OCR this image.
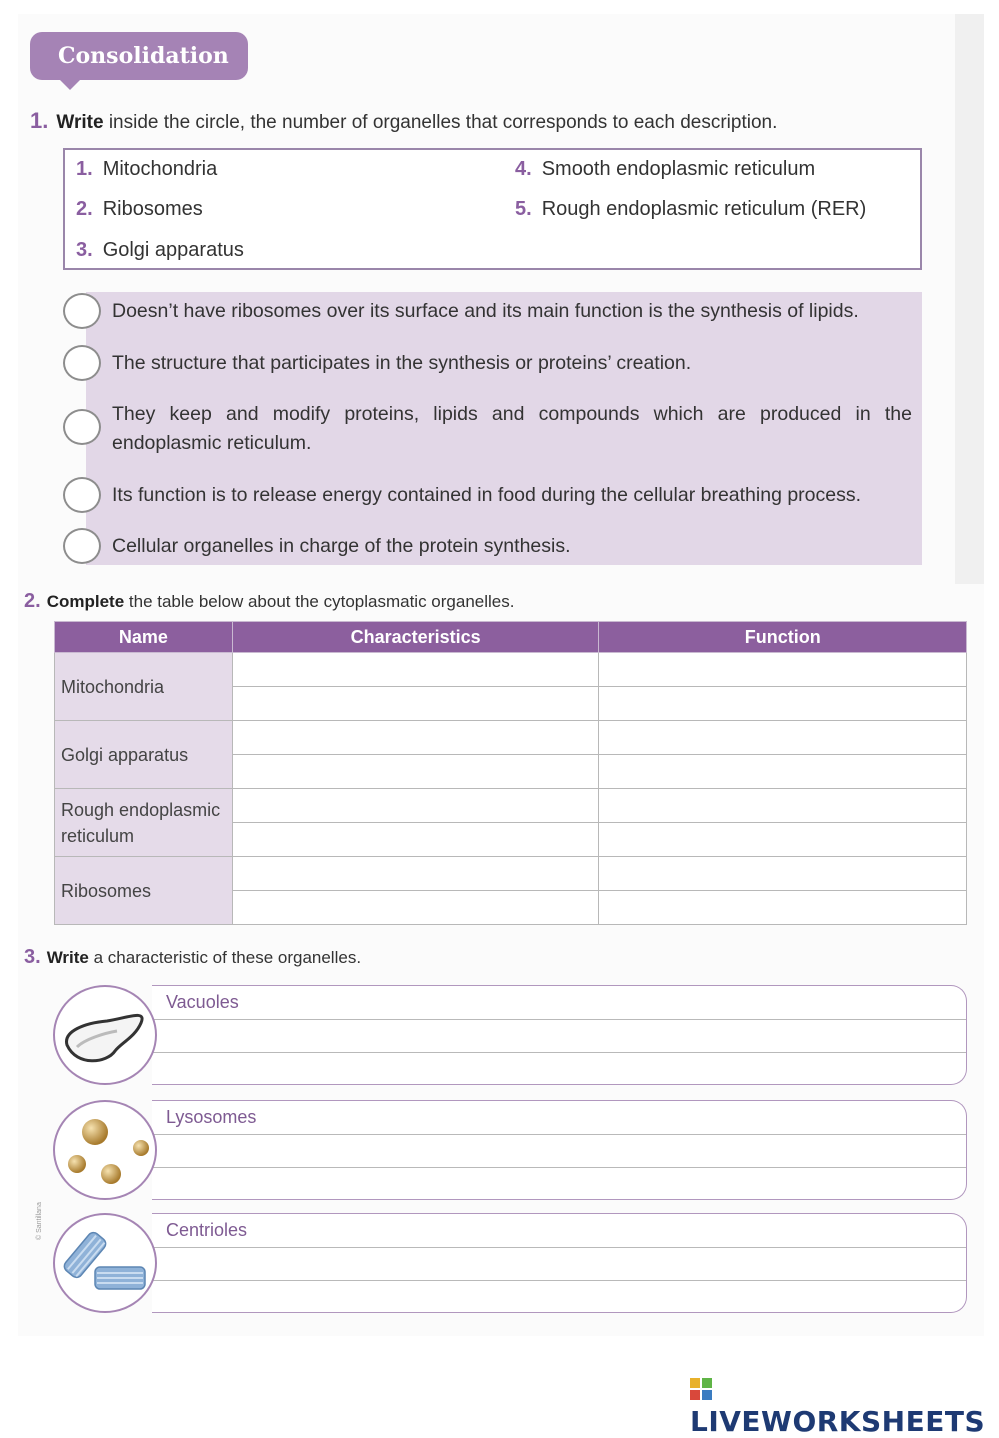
Consolidation
1. Write inside the circle, the number of organelles that corresponds to each description.
1. Mitochondria
2. Ribosomes
3. Golgi apparatus
4. Smooth endoplasmic reticulum
5. Rough endoplasmic reticulum (RER)
Doesn’t have ribosomes over its surface and its main function is the synthesis of lipids.
The structure that participates in the synthesis or proteins’ creation.
They keep and modify proteins, lipids and compounds which are produced in the endoplasmic reticulum.
Its function is to release energy contained in food during the cellular breathing process.
Cellular organelles in charge of the protein synthesis.
2. Complete the table below about the cytoplasmatic organelles.
Name	Characteristics	Function
Mitochondria		

Golgi apparatus		

Rough endoplasmic reticulum		

Ribosomes		

3. Write a characteristic of these organelles.
Vacuoles
Lysosomes
Centrioles
© Santillana
LIVEWORKSHEETS
